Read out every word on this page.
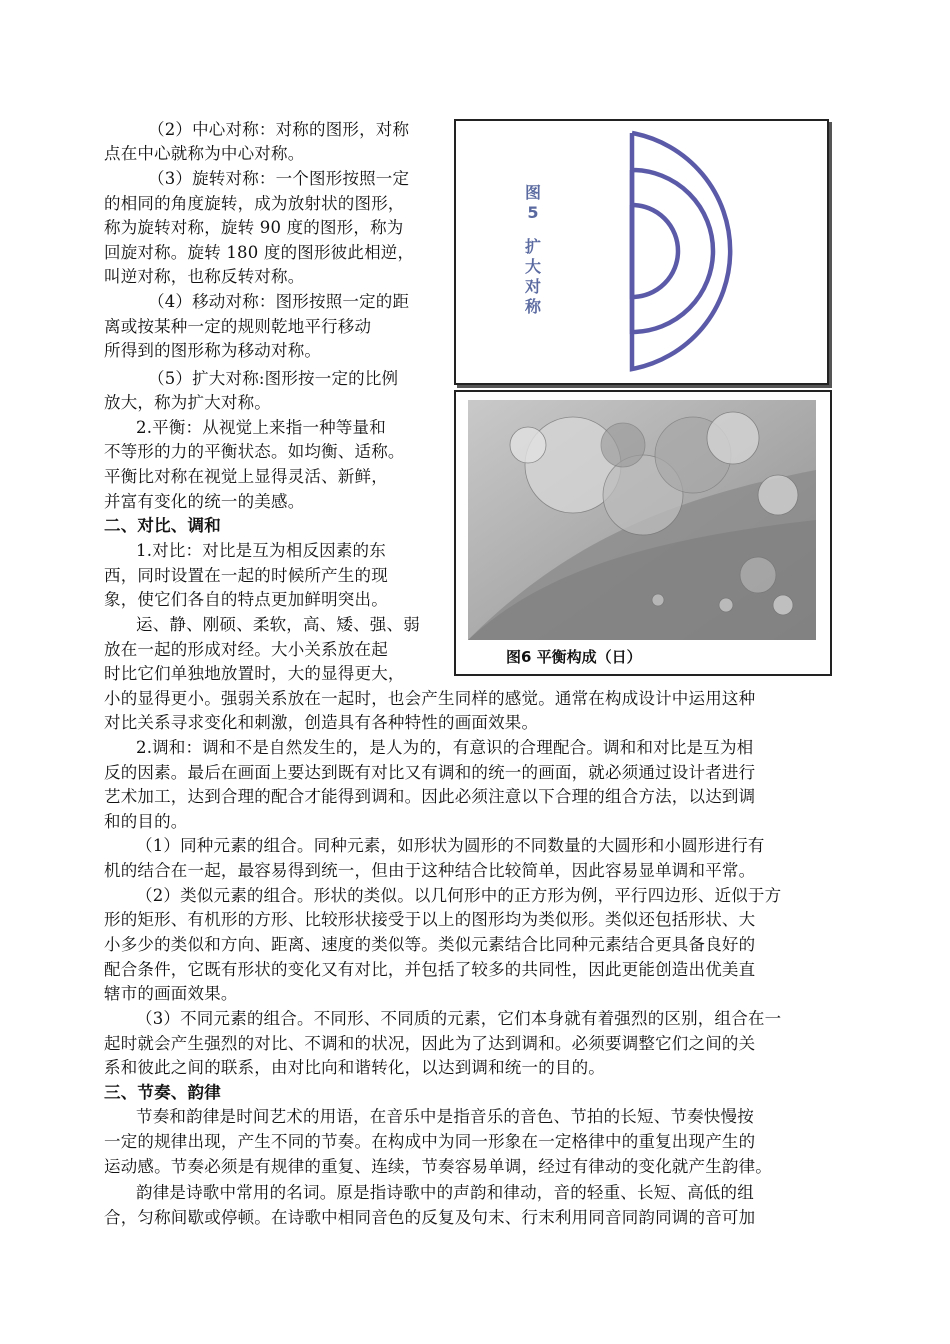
图
5
扩
大
对
称
图6 平衡构成（日）

（2）中心对称：对称的图形，对称

点在中心就称为中心对称。

（3）旋转对称：一个图形按照一定

的相同的角度旋转，成为放射状的图形，

称为旋转对称，旋转 90 度的图形，称为

回旋对称。旋转 180 度的图形彼此相逆，

叫逆对称，也称反转对称。

（4）移动对称：图形按照一定的距

离或按某种一定的规则乾地平行移动

所得到的图形称为移动对称。

（5）扩大对称:图形按一定的比例

放大，称为扩大对称。

2.平衡：从视觉上来指一种等量和

不等形的力的平衡状态。如均衡、适称。

平衡比对称在视觉上显得灵活、新鲜，

并富有变化的统一的美感。

二、对比、调和

1.对比：对比是互为相反因素的东

西，同时设置在一起的时候所产生的现

象，使它们各自的特点更加鲜明突出。

运、静、刚硕、柔软，高、矮、强、弱

放在一起的形成对经。大小关系放在起

时比它们单独地放置时，大的显得更大，

小的显得更小。强弱关系放在一起时，也会产生同样的感觉。通常在构成设计中运用这种

对比关系寻求变化和刺激，创造具有各种特性的画面效果。

2.调和：调和不是自然发生的，是人为的，有意识的合理配合。调和和对比是互为相

反的因素。最后在画面上要达到既有对比又有调和的统一的画面，就必须通过设计者进行

艺术加工，达到合理的配合才能得到调和。因此必须注意以下合理的组合方法，以达到调

和的目的。

（1）同种元素的组合。同种元素，如形状为圆形的不同数量的大圆形和小圆形进行有

机的结合在一起，最容易得到统一，但由于这种结合比较简单，因此容易显单调和平常。

（2）类似元素的组合。形状的类似。以几何形中的正方形为例，平行四边形、近似于方

形的矩形、有机形的方形、比较形状接受于以上的图形均为类似形。类似还包括形状、大

小多少的类似和方向、距离、速度的类似等。类似元素结合比同种元素结合更具备良好的

配合条件，它既有形状的变化又有对比，并包括了较多的共同性，因此更能创造出优美直

辖市的画面效果。

（3）不同元素的组合。不同形、不同质的元素，它们本身就有着强烈的区别，组合在一

起时就会产生强烈的对比、不调和的状况，因此为了达到调和。必须要调整它们之间的关

系和彼此之间的联系，由对比向和谐转化，以达到调和统一的目的。

三、节奏、韵律

节奏和韵律是时间艺术的用语，在音乐中是指音乐的音色、节拍的长短、节奏快慢按

一定的规律出现，产生不同的节奏。在构成中为同一形象在一定格律中的重复出现产生的

运动感。节奏必须是有规律的重复、连续，节奏容易单调，经过有律动的变化就产生韵律。

韵律是诗歌中常用的名词。原是指诗歌中的声韵和律动，音的轻重、长短、高低的组

合，匀称间歇或停顿。在诗歌中相同音色的反复及句末、行末利用同音同韵同调的音可加
